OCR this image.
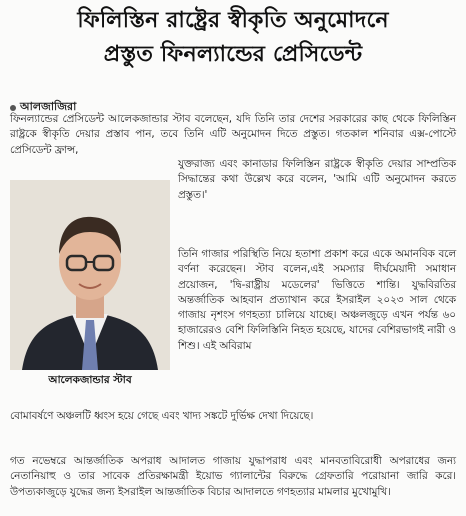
ফিলিস্তিন রাষ্ট্রের স্বীকৃতি অনুমোদনে
প্রস্তুত ফিনল্যান্ডের প্রেসিডেন্ট
আলজাজিরা
ফিনল্যান্ডের প্রেসিডেন্ট আলেকজান্ডার স্টাব বলেছেন, যদি তিনি তার দেশের সরকারের কাছ থেকে ফিলিস্তিন রাষ্ট্রকে স্বীকৃতি দেয়ার প্রস্তাব পান, তবে তিনি এটি অনুমোদন দিতে প্রস্তুত। গতকাল শনিবার এক্স-পোস্টে প্রেসিডেন্ট ফ্রান্স,
আলেকজান্ডার স্টাব
যুক্তরাজ্য এবং কানাডার ফিলিস্তিন রাষ্ট্রকে স্বীকৃতি দেয়ার সাম্প্রতিক সিদ্ধান্তের কথা উল্লেখ করে বলেন, 'আমি এটি অনুমোদন করতে প্রস্তুত।'
তিনি গাজার পরিস্থিতি নিয়ে হতাশা প্রকাশ করে একে অমানবিক বলে বর্ণনা করেছেন। স্টাব বলেন,এই সমস্যার দীর্ঘমেয়াদী সমাধান প্রয়োজন, 'দ্বি-রাষ্ট্রীয় মডেলের' ভিত্তিতে শান্তি। যুদ্ধবিরতির অন্তর্জাতিক আহবান প্রত্যাখান করে ইসরাইল ২০২৩ সাল থেকে গাজায় নৃশংস গণহত্যা চালিয়ে যাচ্ছে। অঞ্চলজুড়ে এখন পর্যন্ত ৬০ হাজারেরও বেশি ফিলিস্তিনি নিহত হয়েছে, যাদের বেশিরভাগই নারী ও শিশু। এই অবিরাম
বোমাবর্ষণে অঞ্চলটি ধ্বংস হয়ে গেছে এবং খাদ্য সঙ্কটে দুর্ভিক্ষ দেখা দিয়েছে।
গত নভেম্বরে আন্তর্জাতিক অপরাধ আদালত গাজায় যুদ্ধাপরাধ এবং মানবতাবিরোধী অপরাধের জন্য নেতানিয়াহু ও তার সাবেক প্রতিরক্ষামন্ত্রী ইয়োভ গ্যালান্টের বিরুদ্ধে গ্রেফতারি পরোয়ানা জারি করে। উপত্যকাজুড়ে যুদ্ধের জন্য ইসরাইল আন্তর্জাতিক বিচার আদালতে গণহত্যার মামলার মুখোমুখি।
